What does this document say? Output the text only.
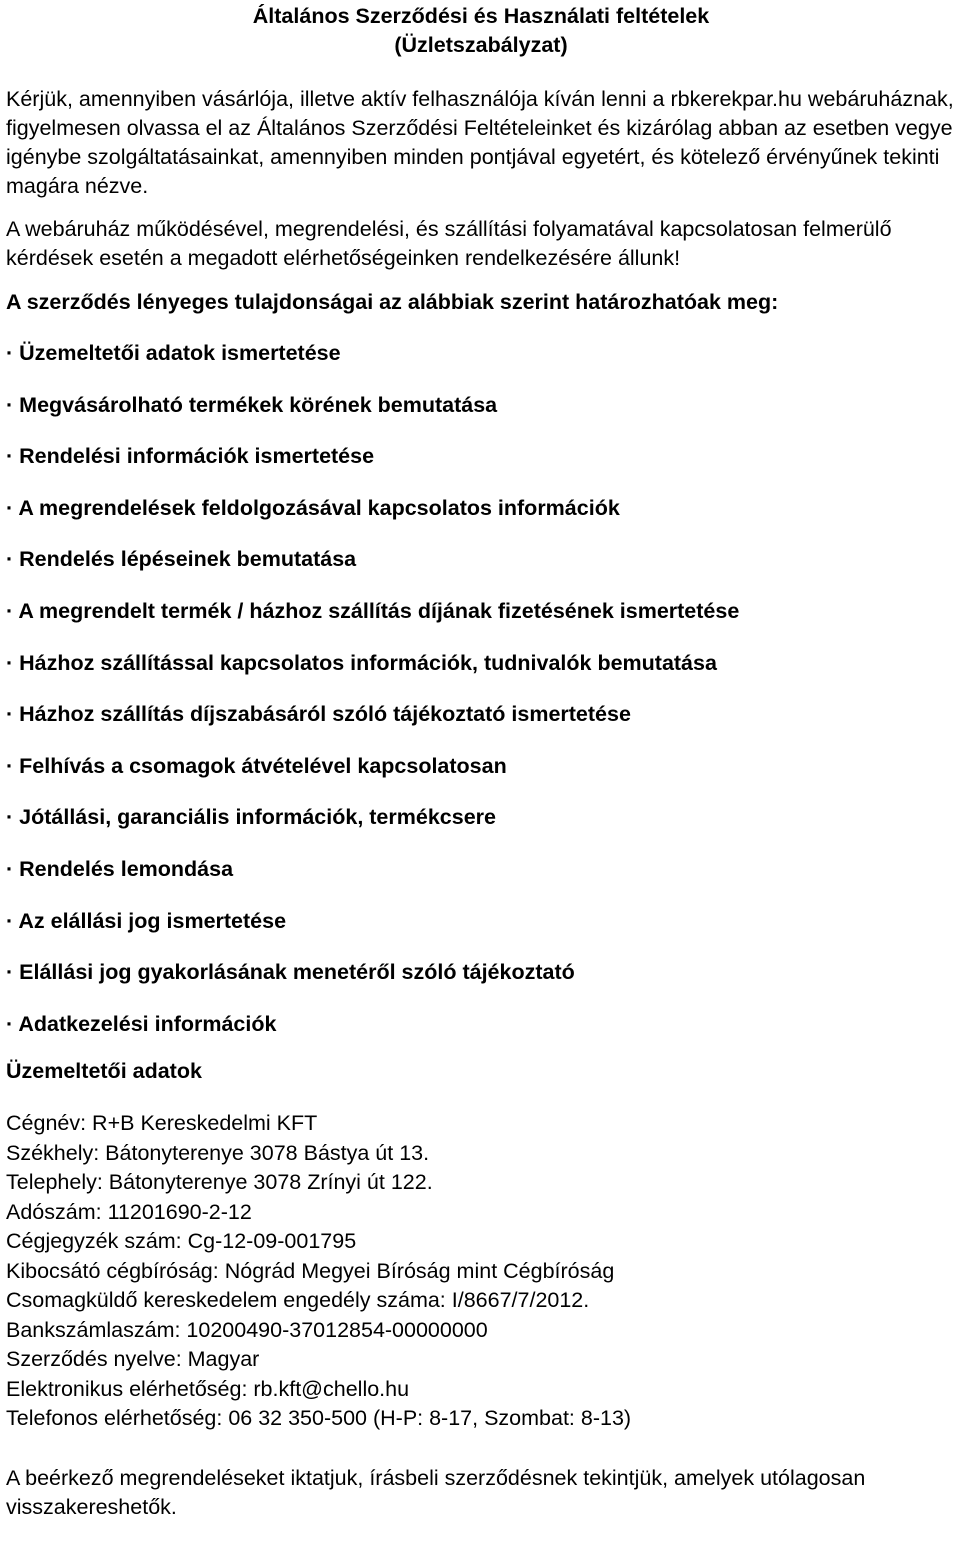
Általános Szerződési és Használati feltételek
(Üzletszabályzat)

Kérjük, amennyiben vásárlója, illetve aktív felhasználója kíván lenni a rbkerekpar.hu webáruháznak, figyelmesen olvassa el az Általános Szerződési Feltételeinket és kizárólag abban az esetben vegye igénybe szolgáltatásainkat, amennyiben minden pontjával egyetért, és kötelező érvényűnek tekinti magára nézve.

A webáruház működésével, megrendelési, és szállítási folyamatával kapcsolatosan felmerülő kérdések esetén a megadott elérhetőségeinken rendelkezésére állunk!

A szerződés lényeges tulajdonságai az alábbiak szerint határozhatóak meg:

· Üzemeltetői adatok ismertetése
· Megvásárolható termékek körének bemutatása
· Rendelési információk ismertetése
· A megrendelések feldolgozásával kapcsolatos információk
· Rendelés lépéseinek bemutatása
· A megrendelt termék / házhoz szállítás díjának fizetésének ismertetése
· Házhoz szállítással kapcsolatos információk, tudnivalók bemutatása
· Házhoz szállítás díjszabásáról szóló tájékoztató ismertetése
· Felhívás a csomagok átvételével kapcsolatosan
· Jótállási, garanciális információk, termékcsere
· Rendelés lemondása
· Az elállási jog ismertetése
· Elállási jog gyakorlásának menetéről szóló tájékoztató
· Adatkezelési információk

Üzemeltetői adatok

Cégnév: R+B Kereskedelmi KFT
Székhely: Bátonyterenye 3078 Bástya út 13.
Telephely: Bátonyterenye 3078 Zrínyi út 122.
Adószám: 11201690-2-12
Cégjegyzék szám: Cg-12-09-001795
Kibocsátó cégbíróság: Nógrád Megyei Bíróság mint Cégbíróság
Csomagküldő kereskedelem engedély száma: I/8667/7/2012.
Bankszámlaszám: 10200490-37012854-00000000
Szerződés nyelve: Magyar
Elektronikus elérhetőség: rb.kft@chello.hu
Telefonos elérhetőség: 06 32 350-500 (H-P: 8-17, Szombat: 8-13)

A beérkező megrendeléseket iktatjuk, írásbeli szerződésnek tekintjük, amelyek utólagosan visszakereshetők.
